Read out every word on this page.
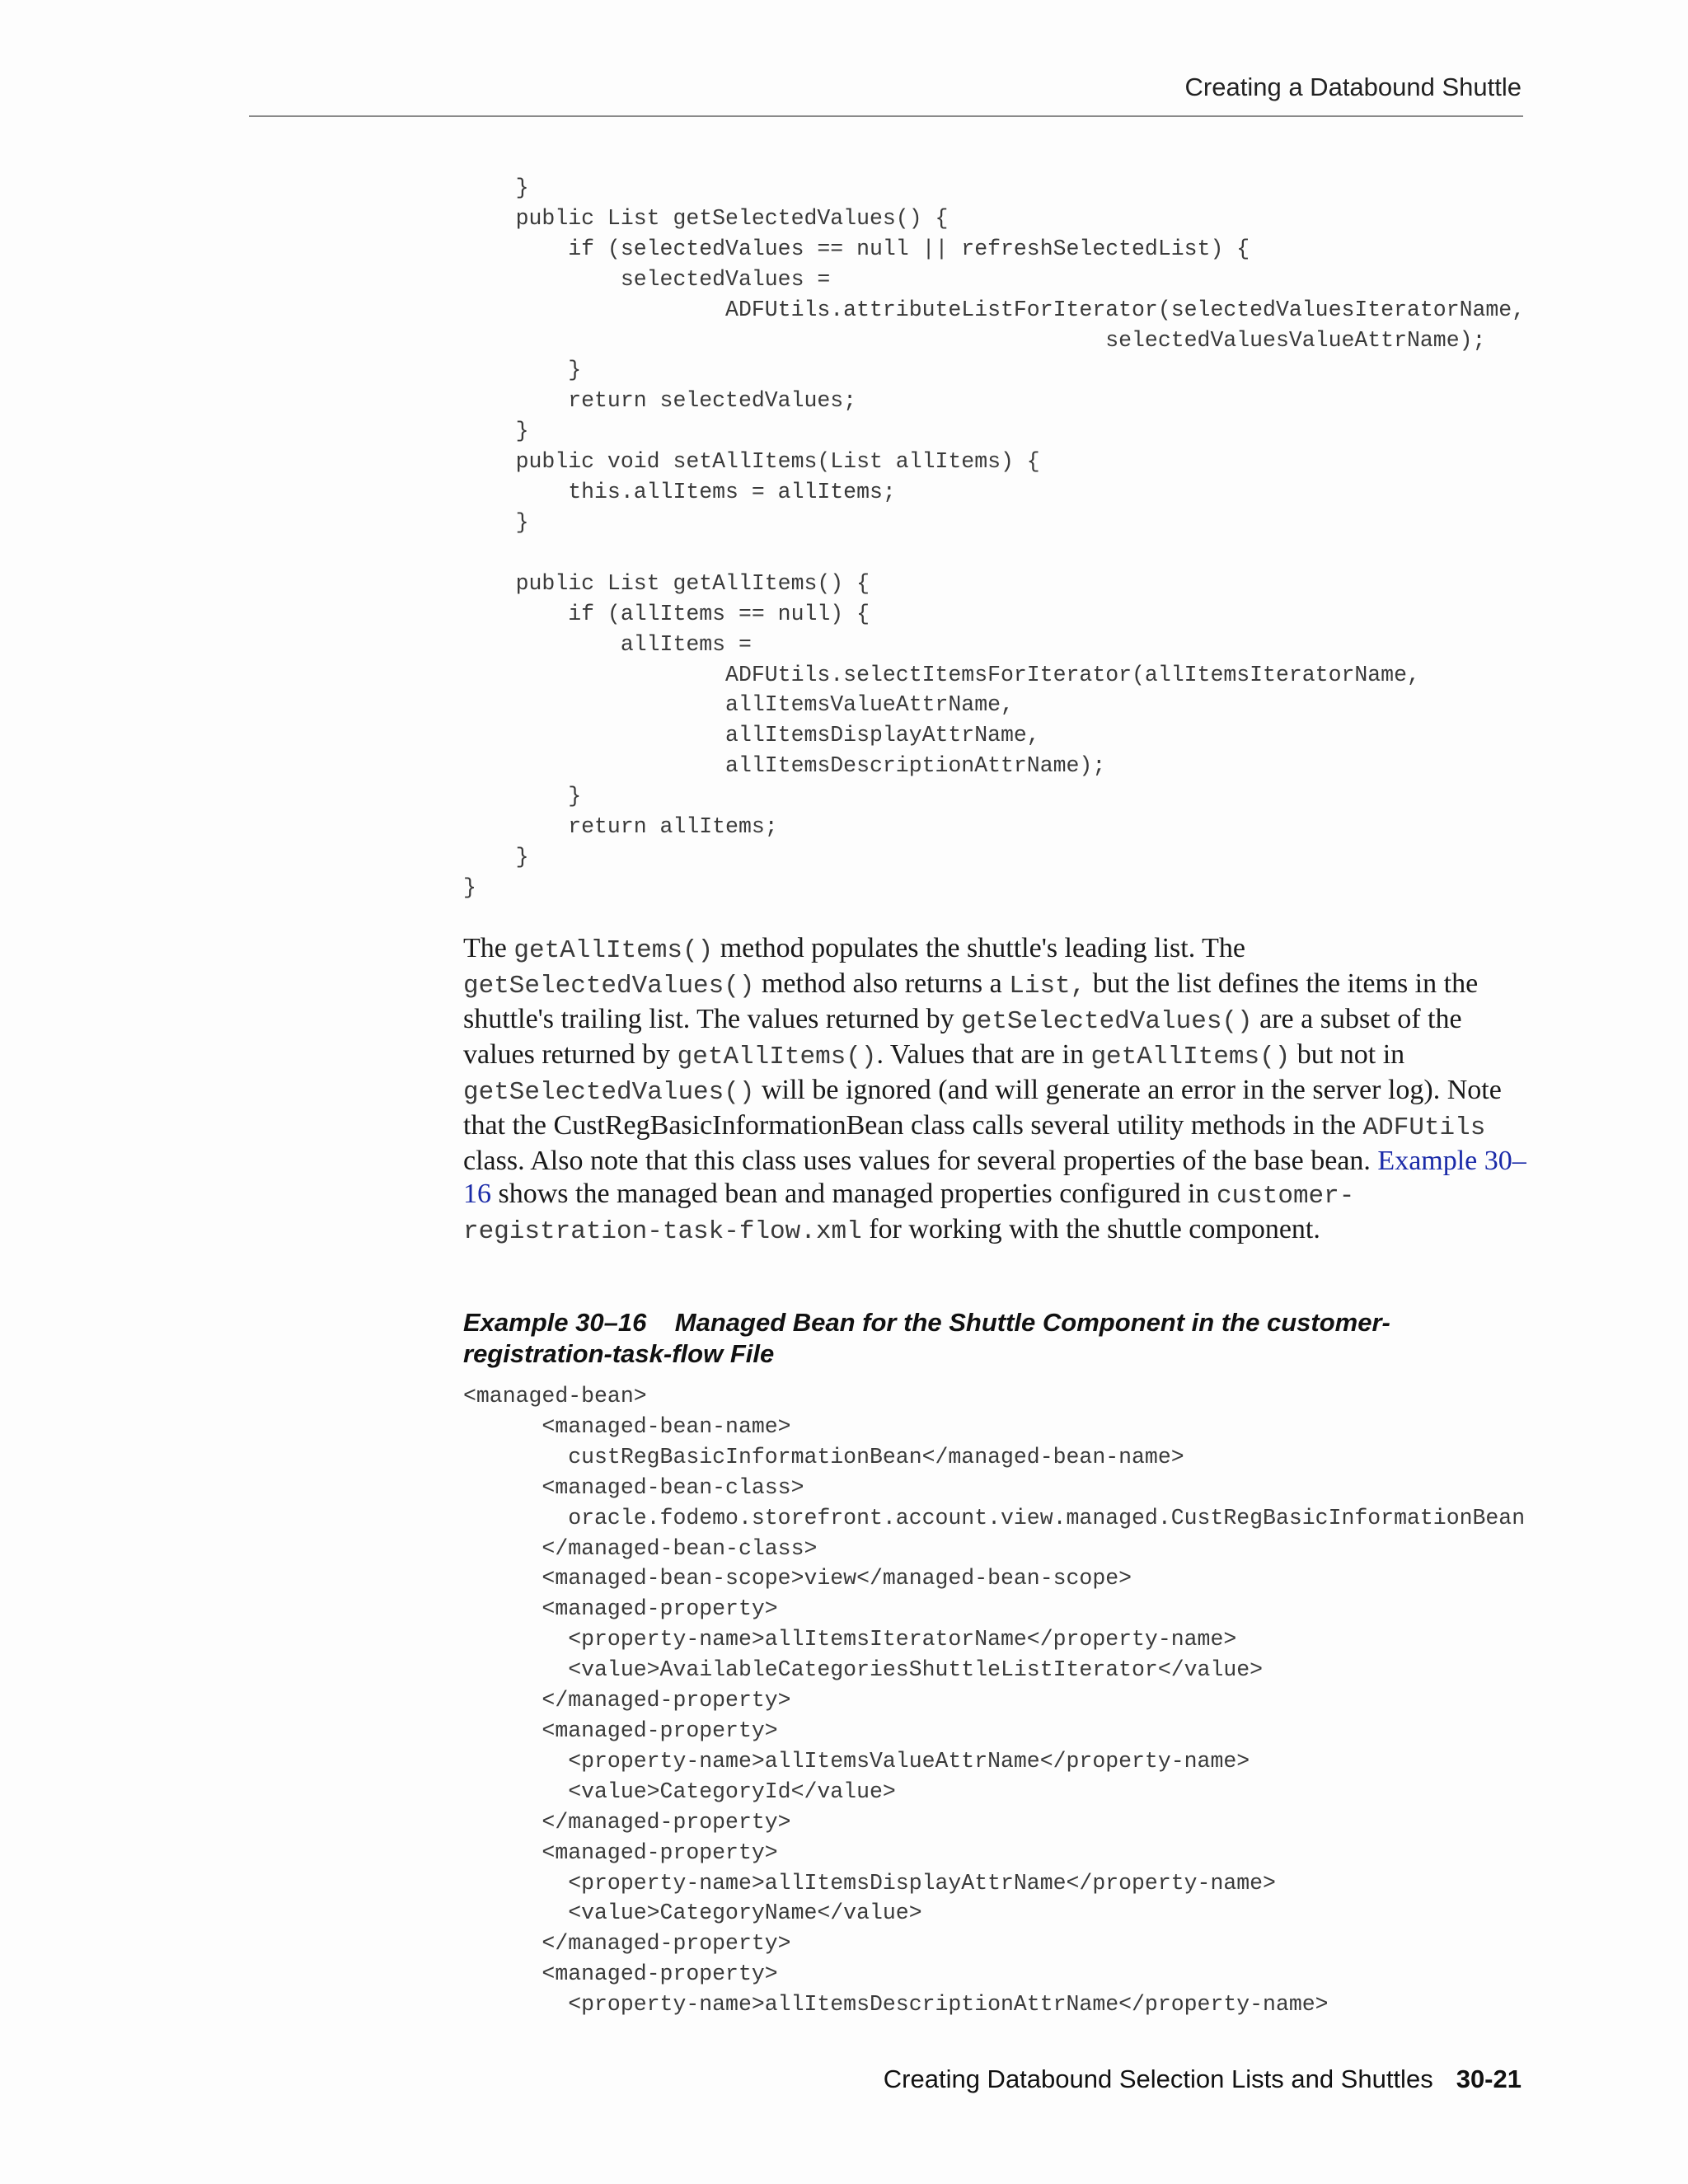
Creating a Databound Shuttle
}
public List getSelectedValues() {
if (selectedValues == null || refreshSelectedList) {
selectedValues =
ADFUtils.attributeListForIterator(selectedValuesIteratorName,
selectedValuesValueAttrName);
}
return selectedValues;
}
public void setAllItems(List allItems) {
this.allItems = allItems;
}

public List getAllItems() {
if (allItems == null) {
allItems =
ADFUtils.selectItemsForIterator(allItemsIteratorName,
allItemsValueAttrName,
allItemsDisplayAttrName,
allItemsDescriptionAttrName);
}
return allItems;
}
}

The getAllItems() method populates the shuttle's leading list. The getSelectedValues() method also returns a List, but the list defines the items in the shuttle's trailing list. The values returned by getSelectedValues() are a subset of the values returned by getAllItems(). Values that are in getAllItems() but not in getSelectedValues() will be ignored (and will generate an error in the server log). Note that the CustRegBasicInformationBean class calls several utility methods in the ADFUtils class. Also note that this class uses values for several properties of the base bean. Example 30–16 shows the managed bean and managed properties configured in customer-registration-task-flow.xml for working with the shuttle component.

Example 30–16 Managed Bean for the Shuttle Component in the customer-registration-task-flow File

<managed-bean>
<managed-bean-name>
custRegBasicInformationBean</managed-bean-name>
<managed-bean-class>
oracle.fodemo.storefront.account.view.managed.CustRegBasicInformationBean
</managed-bean-class>
<managed-bean-scope>view</managed-bean-scope>
<managed-property>
<property-name>allItemsIteratorName</property-name>
<value>AvailableCategoriesShuttleListIterator</value>
</managed-property>
<managed-property>
<property-name>allItemsValueAttrName</property-name>
<value>CategoryId</value>
</managed-property>
<managed-property>
<property-name>allItemsDisplayAttrName</property-name>
<value>CategoryName</value>
</managed-property>
<managed-property>
<property-name>allItemsDescriptionAttrName</property-name>
Creating Databound Selection Lists and Shuttles 30-21
